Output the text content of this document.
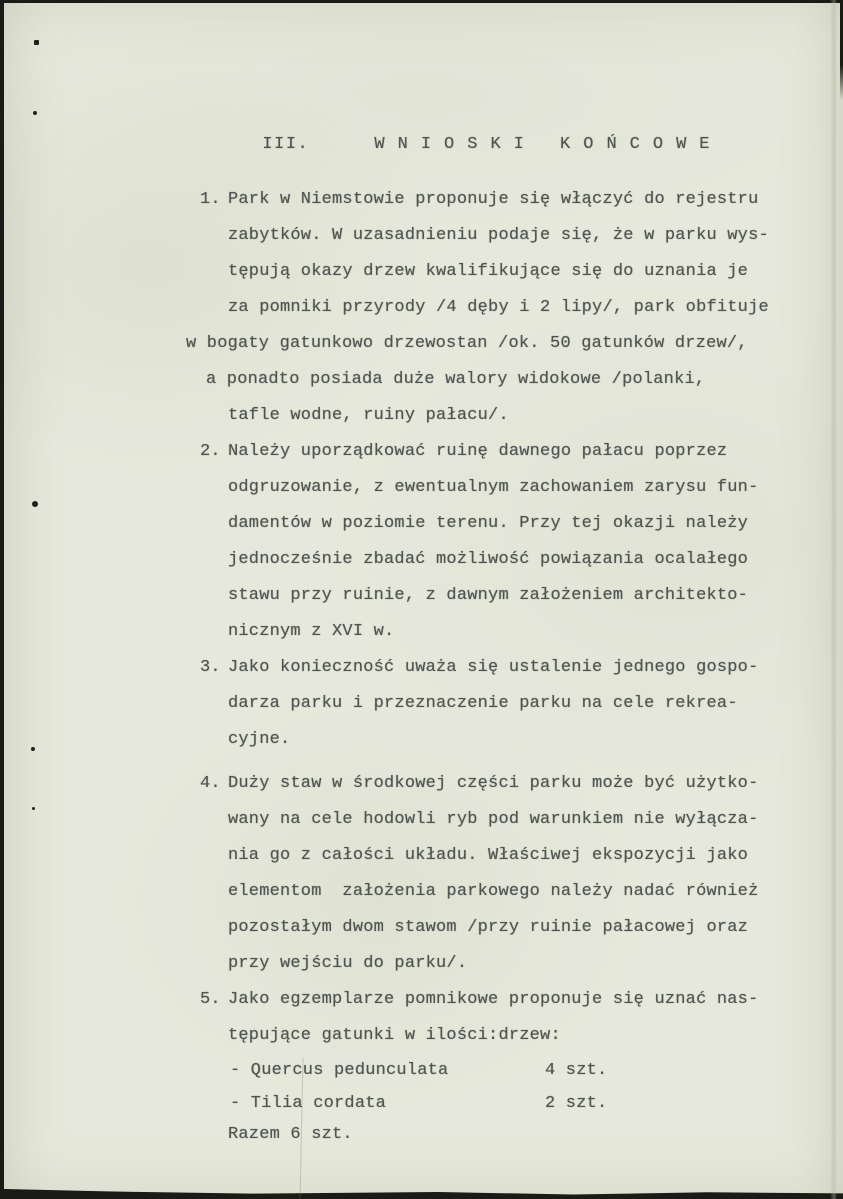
III.	W N I O S K I   K O Ń C O W E

1. Park w Niemstowie proponuje się włączyć do rejestru
zabytków. W uzasadnieniu podaje się, że w parku wys-
tępują okazy drzew kwalifikujące się do uznania je
za pomniki przyrody /4 dęby i 2 lipy/, park obfituje
w bogaty gatunkowo drzewostan /ok. 50 gatunków drzew/,
a ponadto posiada duże walory widokowe /polanki,
tafle wodne, ruiny pałacu/.
2. Należy uporządkować ruinę dawnego pałacu poprzez
odgruzowanie, z ewentualnym zachowaniem zarysu fun-
damentów w poziomie terenu. Przy tej okazji należy
jednocześnie zbadać możliwość powiązania ocalałego
stawu przy ruinie, z dawnym założeniem architekto-
nicznym z XVI w.
3. Jako konieczność uważa się ustalenie jednego gospo-
darza parku i przeznaczenie parku na cele rekrea-
cyjne.
4. Duży staw w środkowej części parku może być użytko-
wany na cele hodowli ryb pod warunkiem nie wyłącza-
nia go z całości układu. Właściwej ekspozycji jako
elementom  założenia parkowego należy nadać również
pozostałym dwom stawom /przy ruinie pałacowej oraz
przy wejściu do parku/.
5. Jako egzemplarze pomnikowe proponuje się uznać nas-
tępujące gatunki w ilości:drzew:
- Quercus pedunculata	4 szt.
- Tilia cordata	2 szt.
Razem 6 szt.
